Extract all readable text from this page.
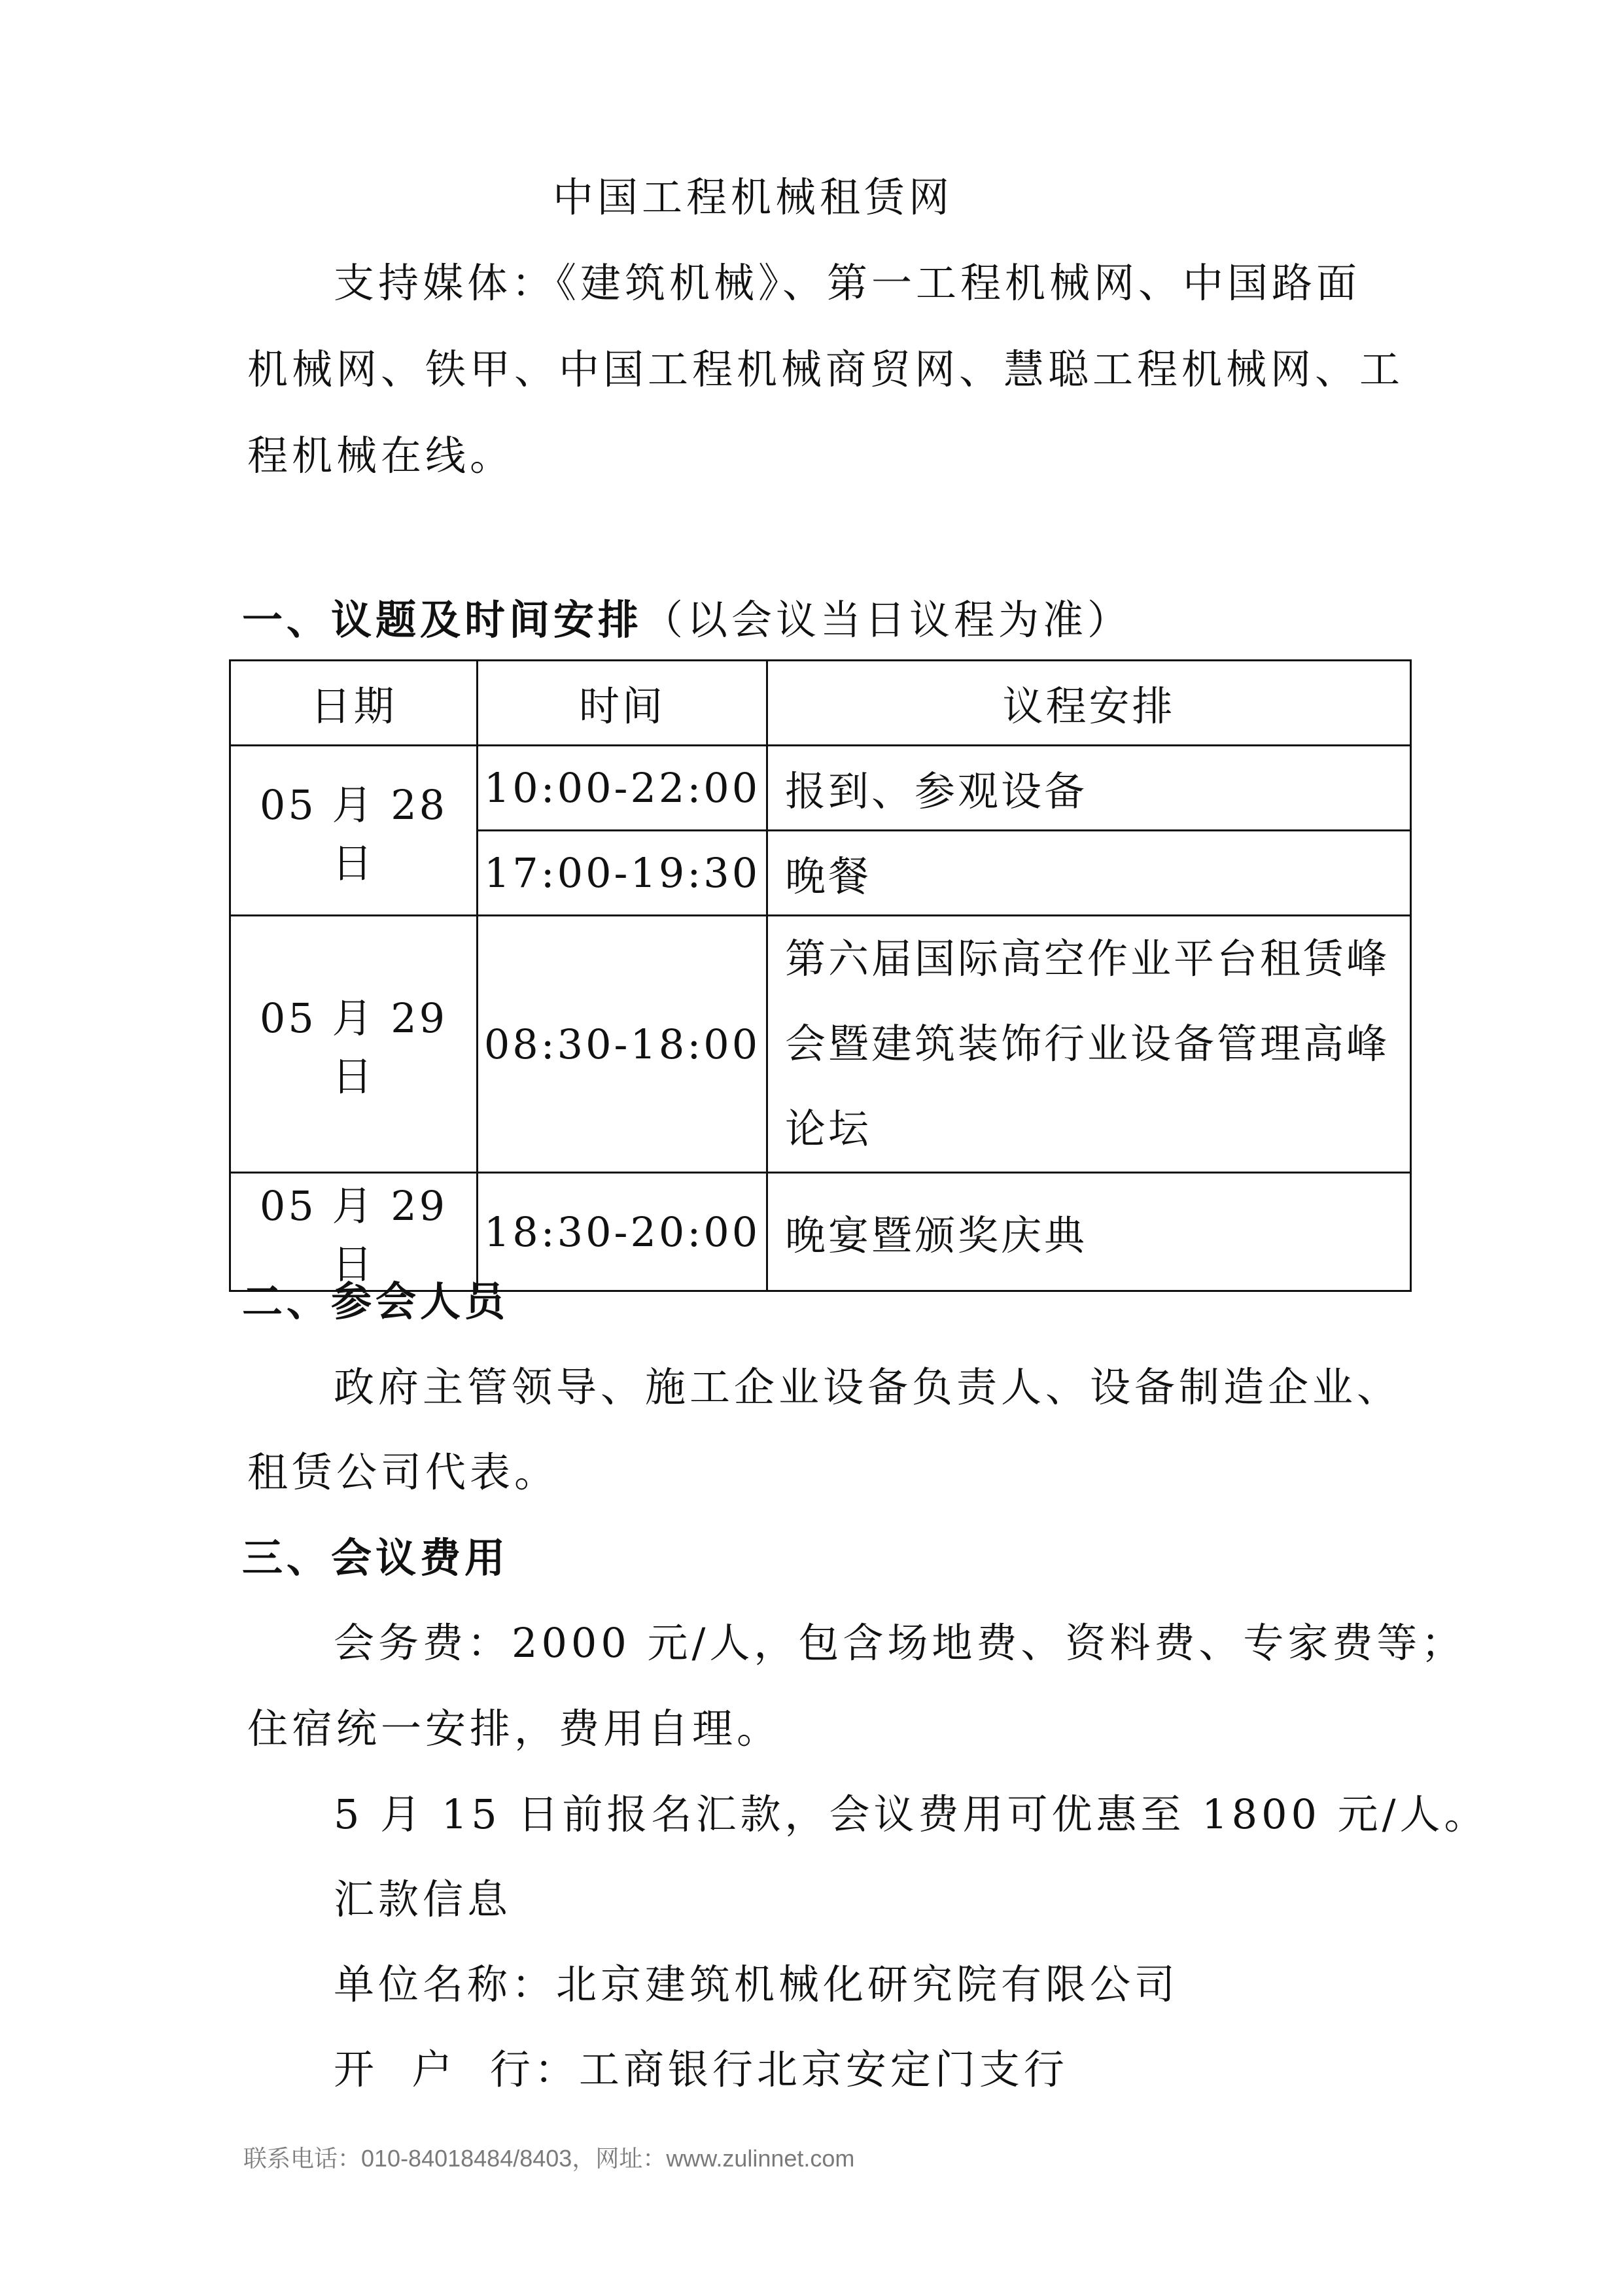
中国工程机械租赁网
支持媒体：《建筑机械》、第一工程机械网、中国路面
机械网、铁甲、中国工程机械商贸网、慧聪工程机械网、工
程机械在线。
一、议题及时间安排（以会议当日议程为准）
日期	时间	议程安排
05 月 28 日	10:00-22:00	报到、参观设备
	17:00-19:30	晚餐
05 月 29 日	08:30-18:00	第六届国际高空作业平台租赁峰会暨建筑装饰行业设备管理高峰论坛
05 月 29 日	18:30-20:00	晚宴暨颁奖庆典
二、参会人员
政府主管领导、施工企业设备负责人、设备制造企业、
租赁公司代表。
三、会议费用
会务费：2000 元/人，包含场地费、资料费、专家费等；
住宿统一安排，费用自理。
5 月 15 日前报名汇款，会议费用可优惠至 1800 元/人。
汇款信息
单位名称：北京建筑机械化研究院有限公司
开  户  行：工商银行北京安定门支行
联系电话：010-84018484/8403，网址：www.zulinnet.com
